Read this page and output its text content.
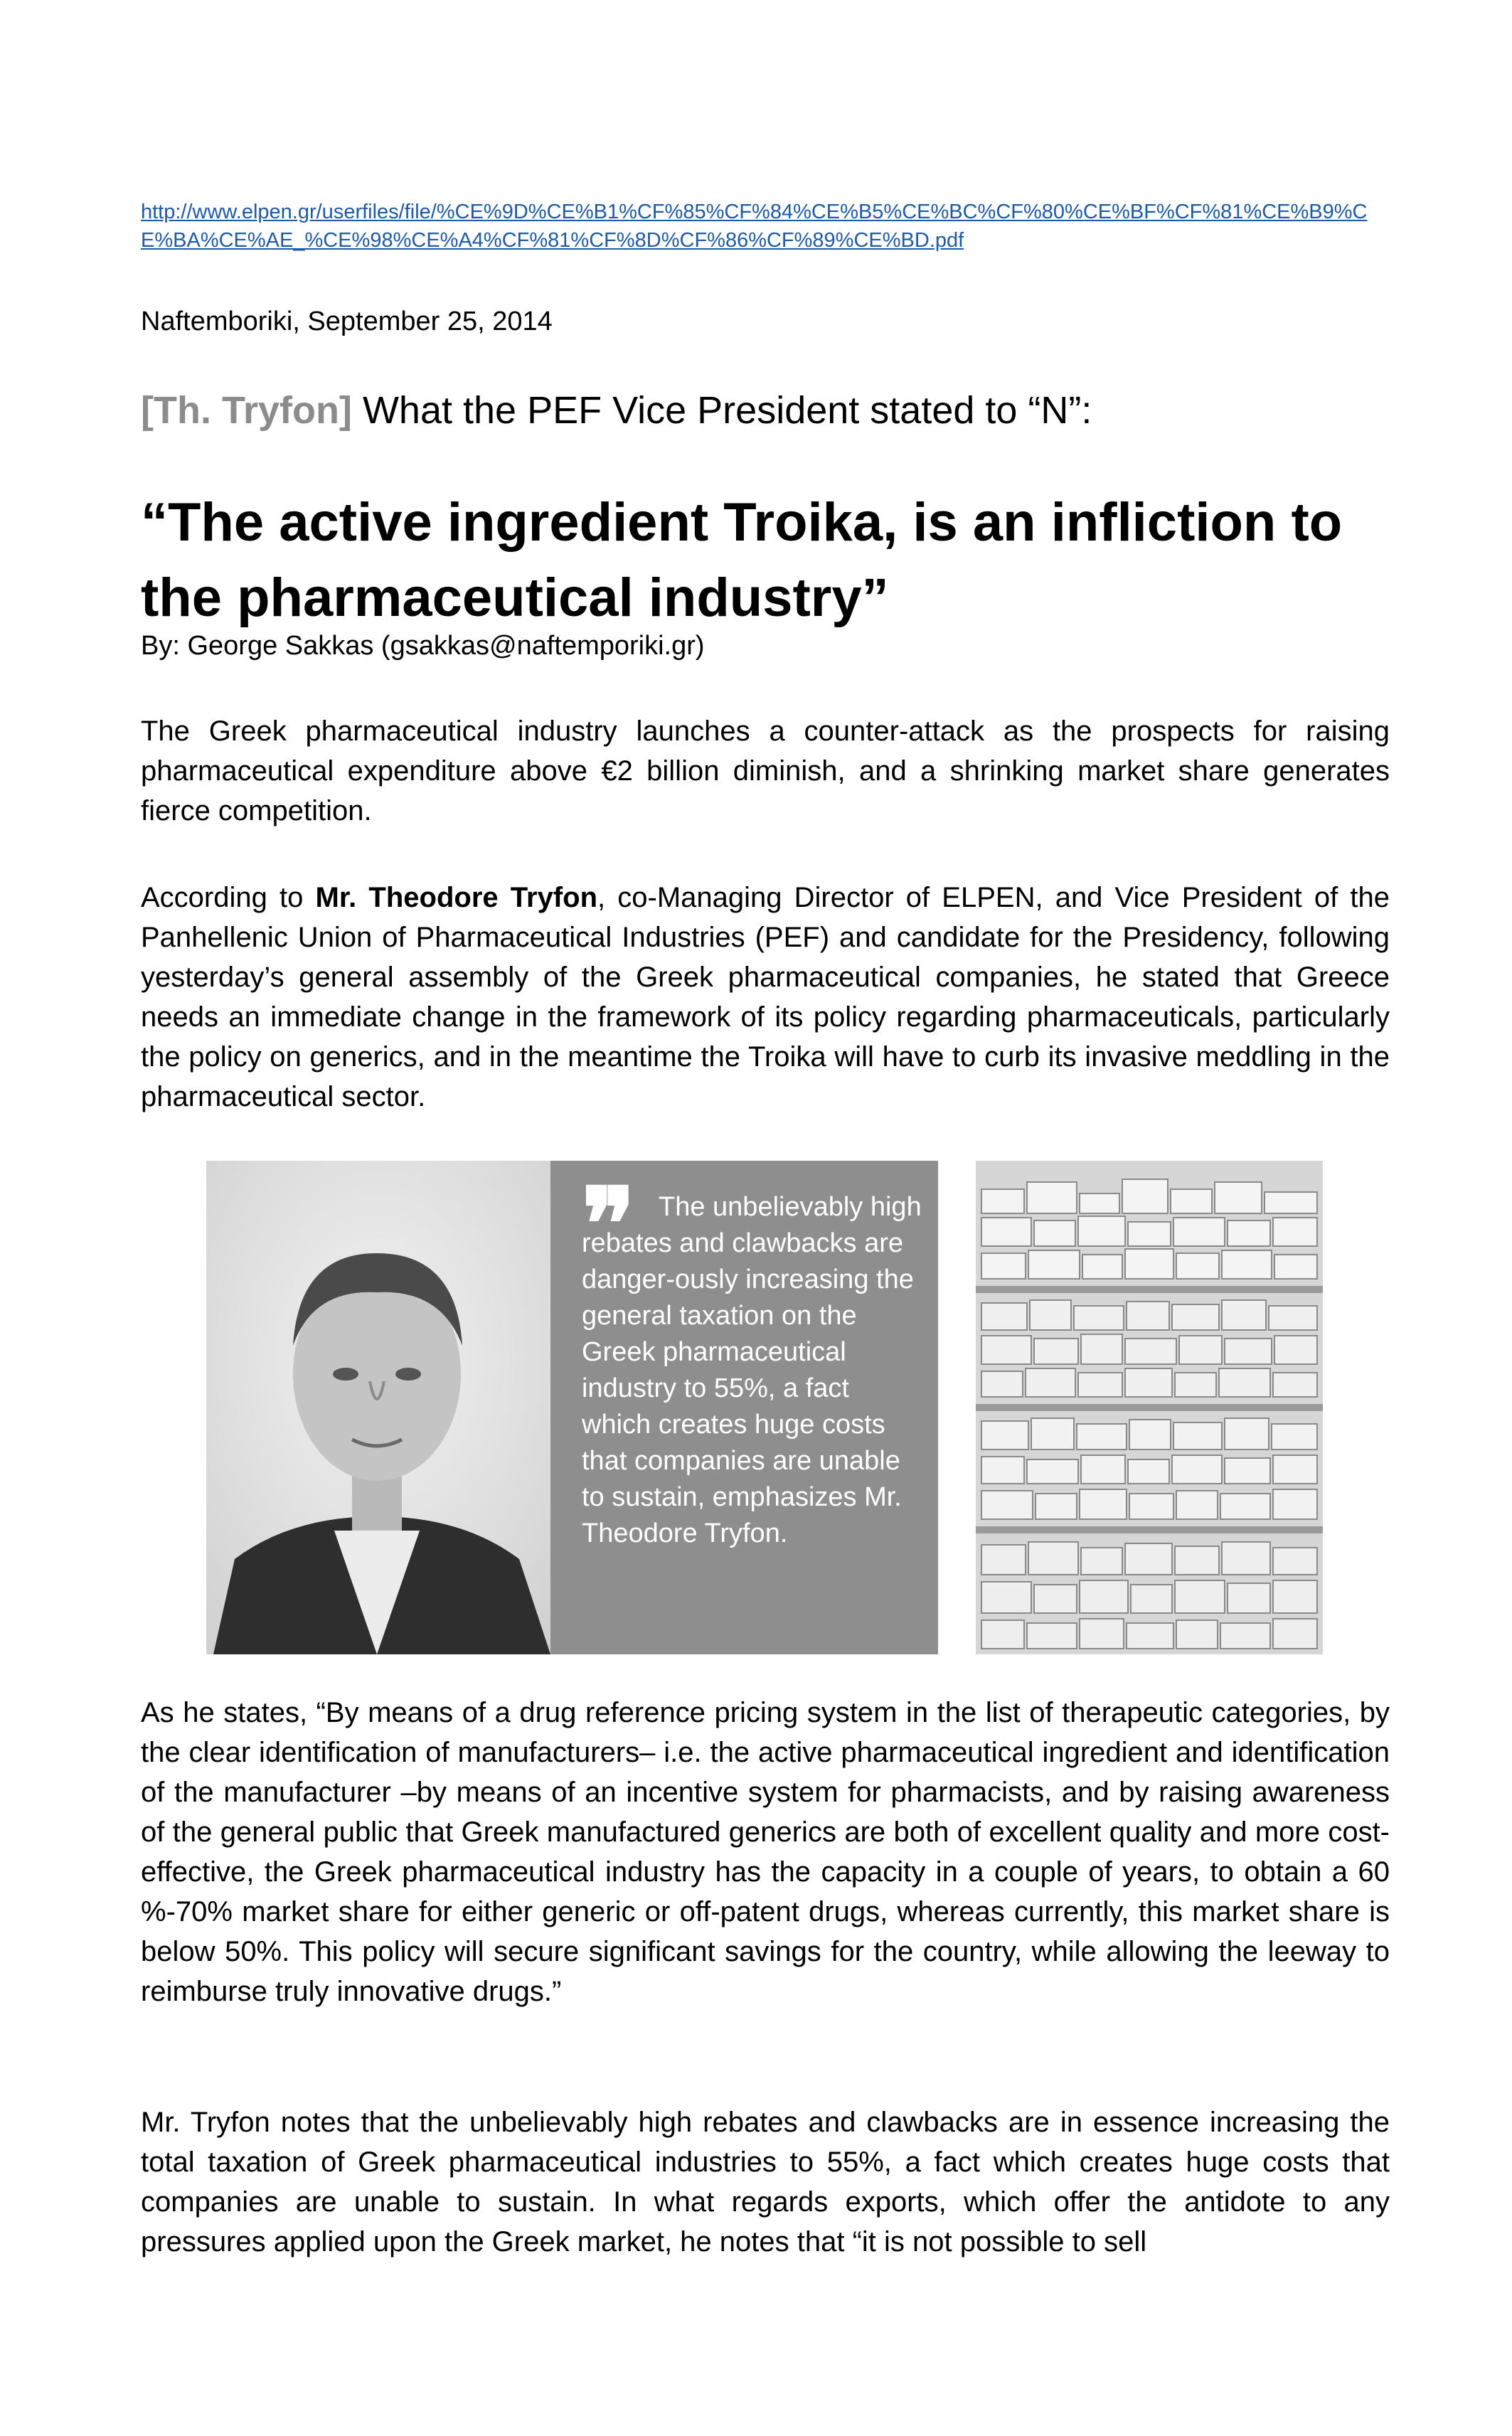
http://www.elpen.gr/userfiles/file/%CE%9D%CE%B1%CF%85%CF%84%CE%B5%CE%BC%CF%80%CE%BF%CF%81%CE%B9%CE%BA%CE%AE_%CE%98%CE%A4%CF%81%CF%8D%CF%86%CF%89%CE%BD.pdf
Naftemboriki, September 25, 2014
[Th. Tryfon] What the PEF Vice President stated to “N”:
“The active ingredient Troika, is an infliction to the pharmaceutical industry”
By: George Sakkas (gsakkas@naftemporiki.gr)

The Greek pharmaceutical industry launches a counter-attack as the prospects for raising pharmaceutical expenditure above €2 billion diminish, and a shrinking market share generates fierce competition.

According to Mr. Theodore Tryfon, co-Managing Director of ELPEN, and Vice President of the Panhellenic Union of Pharmaceutical Industries (PEF) and candidate for the Presidency, following yesterday’s general assembly of the Greek pharmaceutical companies, he stated that Greece needs an immediate change in the framework of its policy regarding pharmaceuticals, particularly the policy on generics, and in the meantime the Troika will have to curb its invasive meddling in the pharmaceutical sector.

❞ The unbelievably high rebates and clawbacks are danger-ously increasing the general taxation on the Greek pharmaceutical industry to 55%, a fact which creates huge costs that companies are unable to sustain, emphasizes Mr. Theodore Tryfon.

As he states, “By means of a drug reference pricing system in the list of therapeutic categories, by the clear identification of manufacturers– i.e. the active pharmaceutical ingredient and identification of the manufacturer –by means of an incentive system for pharmacists, and by raising awareness of the general public that Greek manufactured generics are both of excellent quality and more cost-effective, the Greek pharmaceutical industry has the capacity in a couple of years, to obtain a 60 %-70% market share for either generic or off-patent drugs, whereas currently, this market share is below 50%. This policy will secure significant savings for the country, while allowing the leeway to reimburse truly innovative drugs.”

Mr. Tryfon notes that the unbelievably high rebates and clawbacks are in essence increasing the total taxation of Greek pharmaceutical industries to 55%, a fact which creates huge costs that companies are unable to sustain. In what regards exports, which offer the antidote to any pressures applied upon the Greek market, he notes that “it is not possible to sell
